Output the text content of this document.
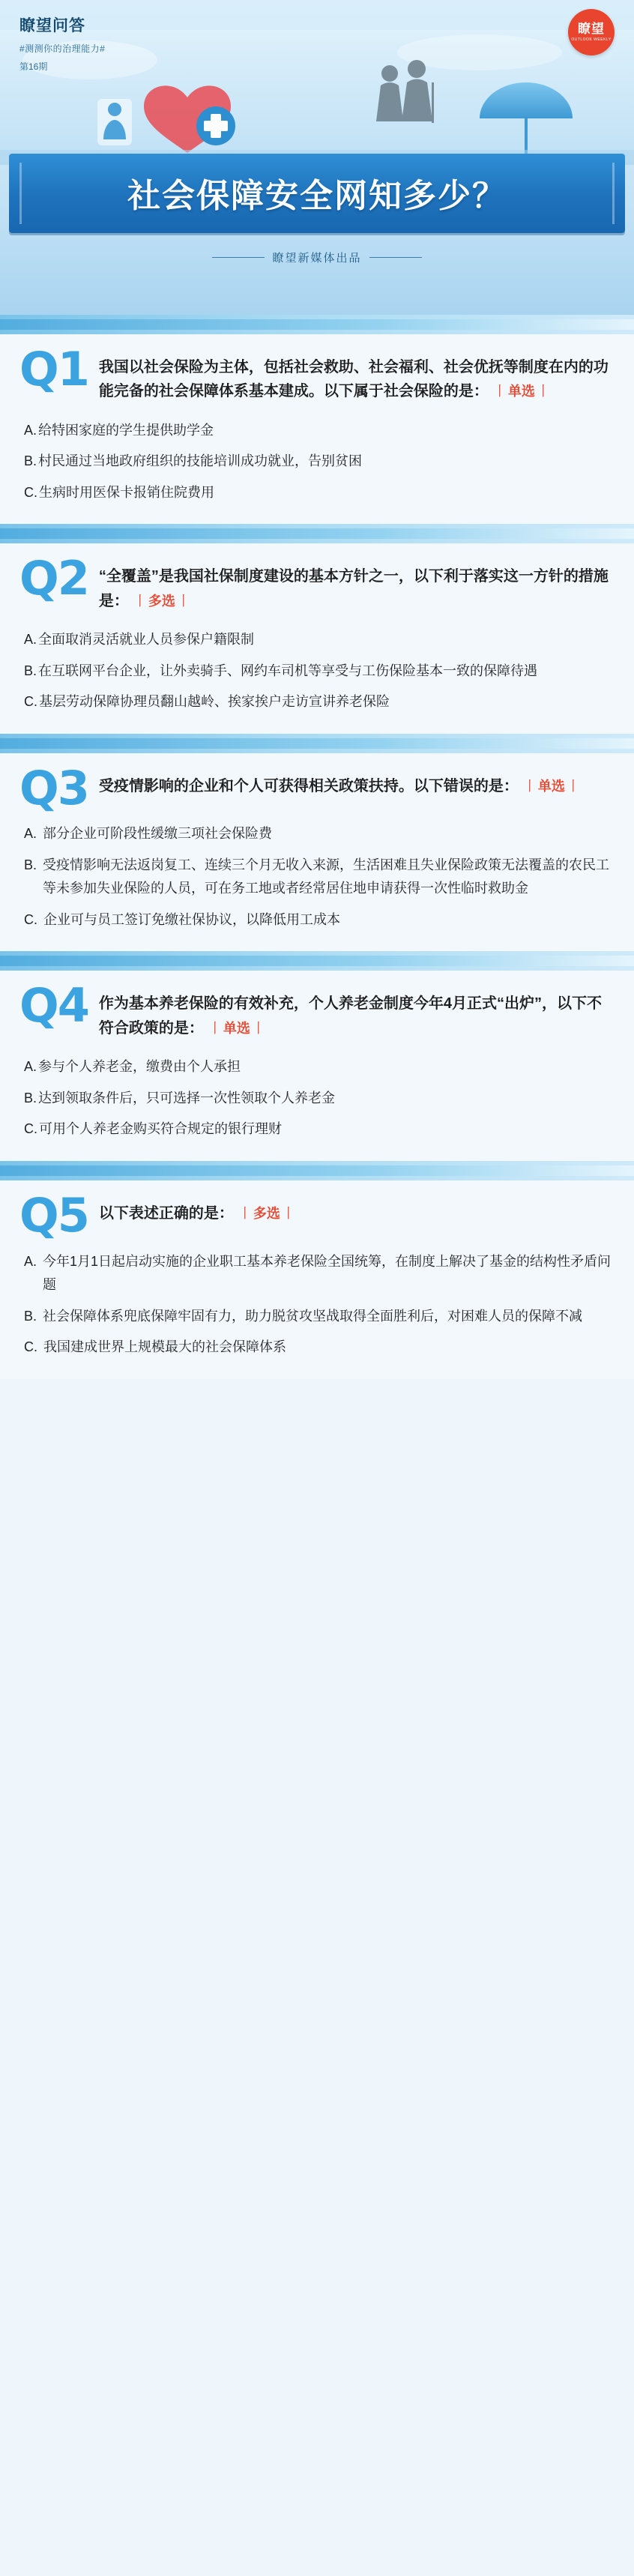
瞭望问答
#测测你的治理能力#
第16期
瞭望
OUTLOOK WEEKLY
社会保障安全网知多少？
瞭望新媒体出品
Q1 我国以社会保险为主体，包括社会救助、社会福利、社会优抚等制度在内的功能完备的社会保障体系基本建成。以下属于社会保险的是： 丨 单选 丨
A. 给特困家庭的学生提供助学金
B. 村民通过当地政府组织的技能培训成功就业，告别贫困
C. 生病时用医保卡报销住院费用
Q2 “全覆盖”是我国社保制度建设的基本方针之一，以下利于落实这一方针的措施是： 丨 多选 丨
A. 全面取消灵活就业人员参保户籍限制
B. 在互联网平台企业，让外卖骑手、网约车司机等享受与工伤保险基本一致的保障待遇
C. 基层劳动保障协理员翻山越岭、挨家挨户走访宣讲养老保险
Q3 受疫情影响的企业和个人可获得相关政策扶持。以下错误的是： 丨 单选 丨
A. 部分企业可阶段性缓缴三项社会保险费
B. 受疫情影响无法返岗复工、连续三个月无收入来源，生活困难且失业保险政策无法覆盖的农民工等未参加失业保险的人员，可在务工地或者经常居住地申请获得一次性临时救助金
C. 企业可与员工签订免缴社保协议，以降低用工成本
Q4 作为基本养老保险的有效补充，个人养老金制度今年4月正式“出炉”，以下不符合政策的是： 丨 单选 丨
A. 参与个人养老金，缴费由个人承担
B. 达到领取条件后，只可选择一次性领取个人养老金
C. 可用个人养老金购买符合规定的银行理财
Q5 以下表述正确的是： 丨 多选 丨
A. 今年1月1日起启动实施的企业职工基本养老保险全国统筹，在制度上解决了基金的结构性矛盾问题
B. 社会保障体系兜底保障牢固有力，助力脱贫攻坚战取得全面胜利后，对困难人员的保障不减
C. 我国建成世界上规模最大的社会保障体系
